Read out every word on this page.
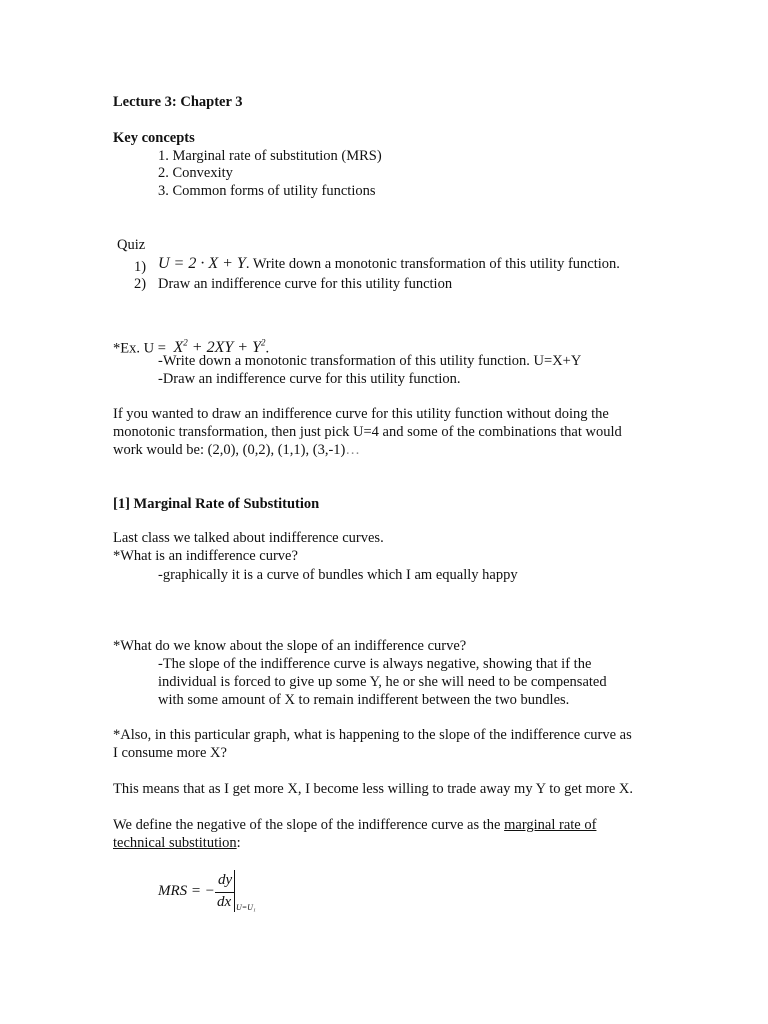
Lecture 3: Chapter 3
Key concepts
1. Marginal rate of substitution (MRS)
2. Convexity
3. Common forms of utility functions
Quiz
1) U = 2 · X + Y. Write down a monotonic transformation of this utility function.
2) Draw an indifference curve for this utility function
*Ex. $U = X^2 + 2XY + Y^2$.
-Write down a monotonic transformation of this utility function. U=X+Y
-Draw an indifference curve for this utility function.
If you wanted to draw an indifference curve for this utility function without doing the
monotonic transformation, then just pick U=4 and some of the combinations that would
work would be: (2,0), (0,2), (1,1), (3,-1)…
[1] Marginal Rate of Substitution
Last class we talked about indifference curves.
*What is an indifference curve?
-graphically it is a curve of bundles which I am equally happy
*What do we know about the slope of an indifference curve?
-The slope of the indifference curve is always negative, showing that if the
individual is forced to give up some Y, he or she will need to be compensated
with some amount of X to remain indifferent between the two bundles.
*Also, in this particular graph, what is happening to the slope of the indifference curve as
I consume more X?
This means that as I get more X, I become less willing to trade away my Y to get more X.
We define the negative of the slope of the indifference curve as the marginal rate of
technical substitution:
MRS = −
dy
dx U=U₁
